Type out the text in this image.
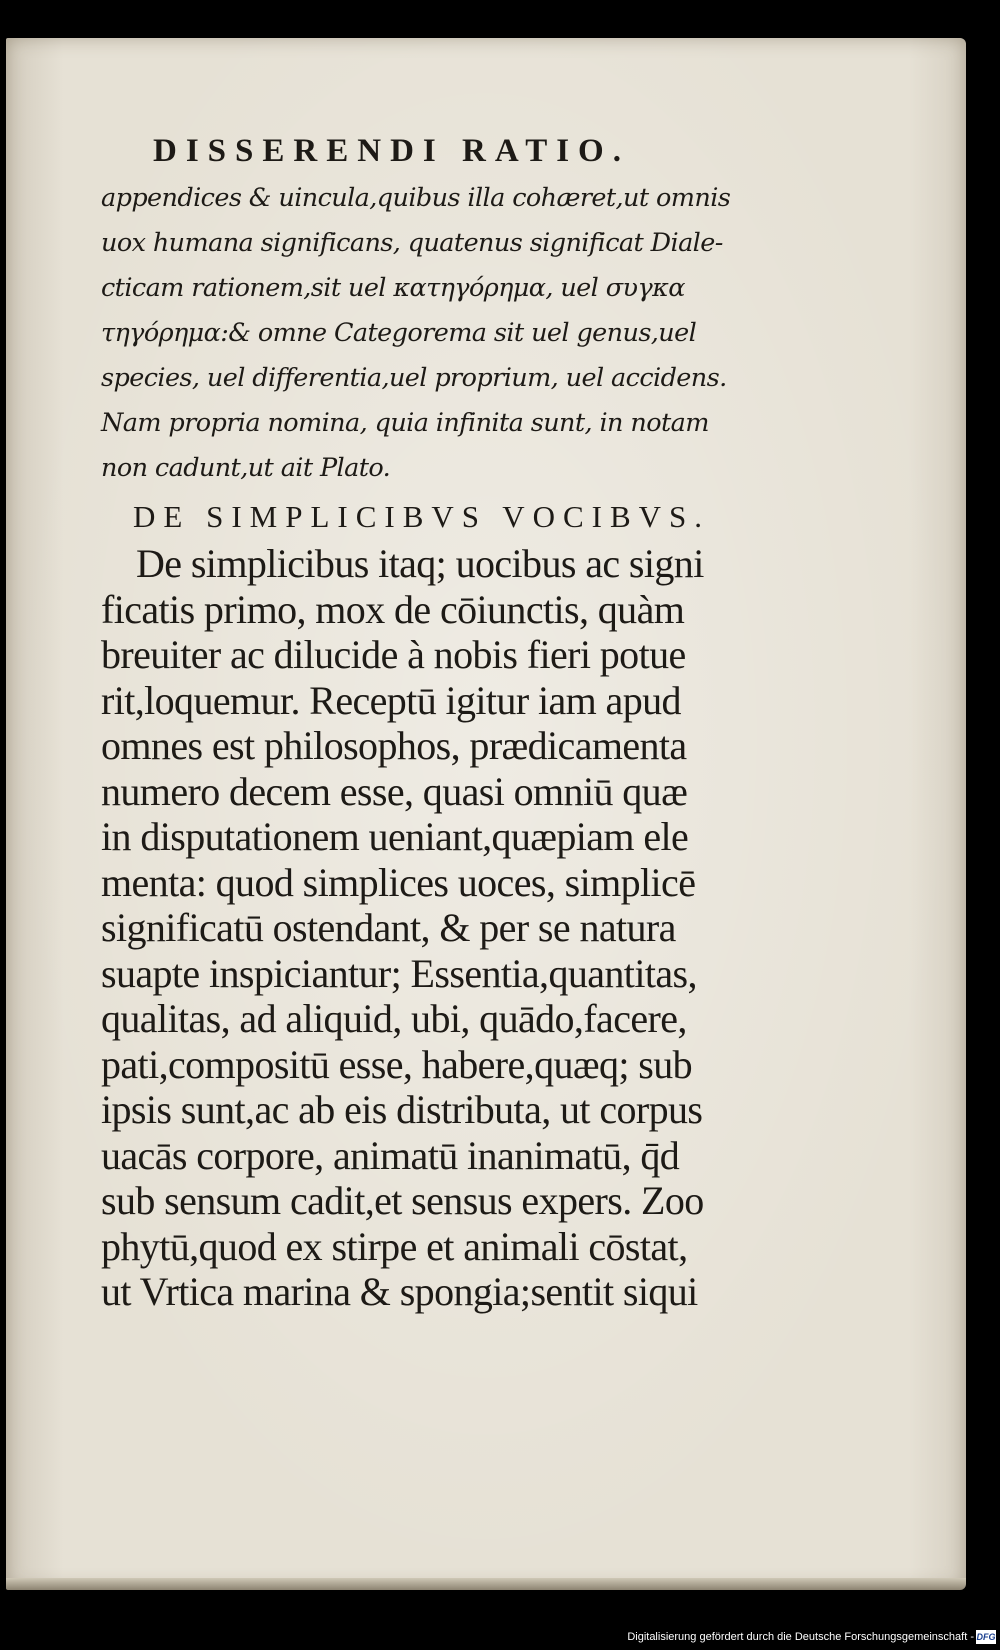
DISSERENDI RATIO.
appendices & uincula,quibus illa cohæret,ut omnis
uox humana significans, quatenus significat Diale-
cticam rationem,sit uel κατηγόρημα, uel συγκα
τηγόρημα:& omne Categorema sit uel genus,uel
species, uel differentia,uel proprium, uel accidens.
Nam propria nomina, quia infinita sunt, in notam
non cadunt,ut ait Plato.
DE SIMPLICIBVS VOCIBVS.
De simplicibus itaq; uocibus ac signi
ficatis primo, mox de cōiunctis, quàm
breuiter ac dilucide à nobis fieri potue
rit,loquemur. Receptū igitur iam apud
omnes est philosophos, prædicamenta
numero decem esse, quasi omniū quæ
in disputationem ueniant,quæpiam ele
menta: quod simplices uoces, simplicē
significatū ostendant, & per se natura
suapte inspiciantur; Essentia,quantitas,
qualitas, ad aliquid, ubi, quādo,facere,
pati,compositū esse, habere,quæq; sub
ipsis sunt,ac ab eis distributa, ut corpus
uacās corpore, animatū inanimatū, q̄d
sub sensum cadit,et sensus expers. Zoo
phytū,quod ex stirpe et animali cōstat,
ut Vrtica marina & spongia;sentit siqui
Digitalisierung gefördert durch die Deutsche Forschungsgemeinschaft - DFG
